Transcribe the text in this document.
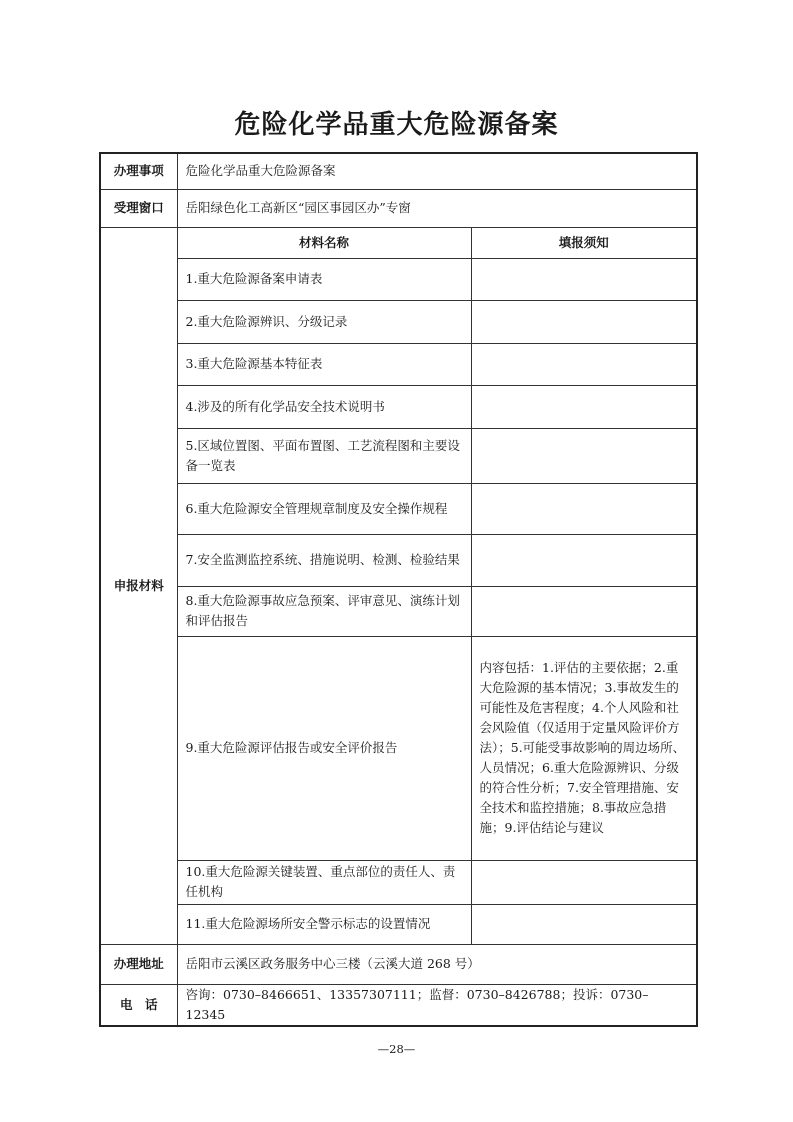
危险化学品重大危险源备案
办理事项	危险化学品重大危险源备案	
受理窗口	岳阳绿色化工高新区“园区事园区办”专窗	
申报材料	材料名称	填报须知
	1.重大危险源备案申请表	
	2.重大危险源辨识、分级记录	
	3.重大危险源基本特征表	
	4.涉及的所有化学品安全技术说明书	
	5.区域位置图、平面布置图、工艺流程图和主要设备一览表	
	6.重大危险源安全管理规章制度及安全操作规程	
	7.安全监测监控系统、措施说明、检测、检验结果	
	8.重大危险源事故应急预案、评审意见、演练计划和评估报告	
	9.重大危险源评估报告或安全评价报告	内容包括：1.评估的主要依据；2.重大危险源的基本情况；3.事故发生的可能性及危害程度；4.个人风险和社会风险值（仅适用于定量风险评价方法）；5.可能受事故影响的周边场所、人员情况；6.重大危险源辨识、分级的符合性分析；7.安全管理措施、安全技术和监控措施；8.事故应急措施；9.评估结论与建议
	10.重大危险源关键装置、重点部位的责任人、责任机构	
	11.重大危险源场所安全警示标志的设置情况	
办理地址	岳阳市云溪区政务服务中心三楼（云溪大道 268 号）	
电　话	咨询：0730–8466651、13357307111；监督：0730–8426788；投诉：0730–12345	
—28—
